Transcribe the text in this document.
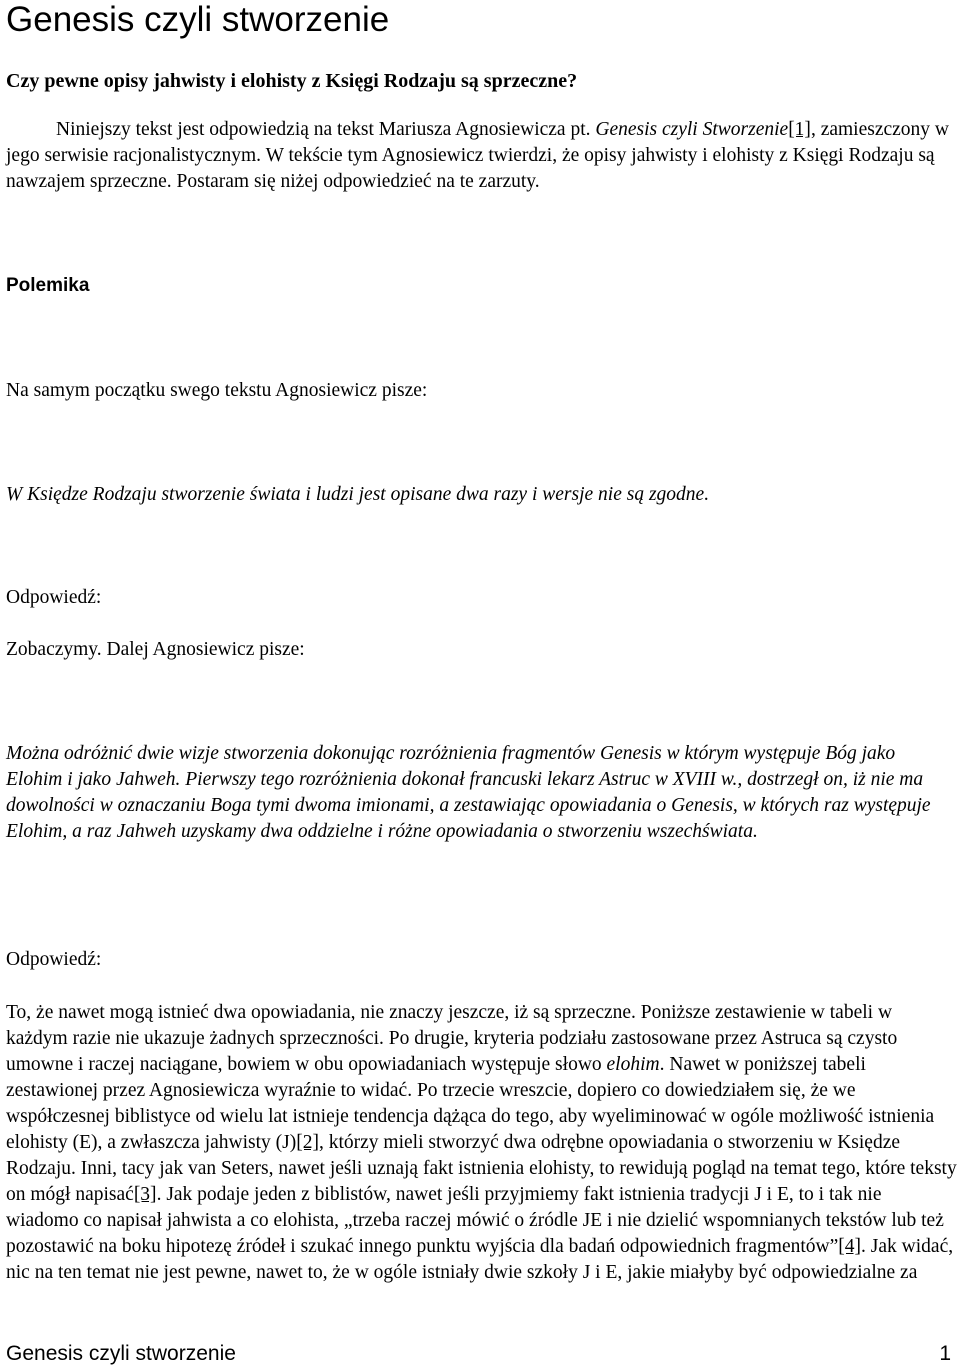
Genesis czyli stworzenie

Czy pewne opisy jahwisty i elohisty z Księgi Rodzaju są sprzeczne?

Niniejszy tekst jest odpowiedzią na tekst Mariusza Agnosiewicza pt. Genesis czyli Stworzenie[1], zamieszczony w jego serwisie racjonalistycznym. W tekście tym Agnosiewicz twierdzi, że opisy jahwisty i elohisty z Księgi Rodzaju są nawzajem sprzeczne. Postaram się niżej odpowiedzieć na te zarzuty.

Polemika

Na samym początku swego tekstu Agnosiewicz pisze:

W Księdze Rodzaju stworzenie świata i ludzi jest opisane dwa razy i wersje nie są zgodne.

Odpowiedź:

Zobaczymy. Dalej Agnosiewicz pisze:

Można odróżnić dwie wizje stworzenia dokonując rozróżnienia fragmentów Genesis w którym występuje Bóg jako Elohim i jako Jahweh. Pierwszy tego rozróżnienia dokonał francuski lekarz Astruc w XVIII w., dostrzegł on, iż nie ma dowolności w oznaczaniu Boga tymi dwoma imionami, a zestawiając opowiadania o Genesis, w których raz występuje Elohim, a raz Jahweh uzyskamy dwa oddzielne i różne opowiadania o stworzeniu wszechświata.

Odpowiedź:

To, że nawet mogą istnieć dwa opowiadania, nie znaczy jeszcze, iż są sprzeczne. Poniższe zestawienie w tabeli w każdym razie nie ukazuje żadnych sprzeczności. Po drugie, kryteria podziału zastosowane przez Astruca są czysto umowne i raczej naciągane, bowiem w obu opowiadaniach występuje słowo elohim. Nawet w poniższej tabeli zestawionej przez Agnosiewicza wyraźnie to widać. Po trzecie wreszcie, dopiero co dowiedziałem się, że we współczesnej biblistyce od wielu lat istnieje tendencja dążąca do tego, aby wyeliminować w ogóle możliwość istnienia elohisty (E), a zwłaszcza jahwisty (J)[2], którzy mieli stworzyć dwa odrębne opowiadania o stworzeniu w Księdze Rodzaju. Inni, tacy jak van Seters, nawet jeśli uznają fakt istnienia elohisty, to rewidują pogląd na temat tego, które teksty on mógł napisać[3]. Jak podaje jeden z biblistów, nawet jeśli przyjmiemy fakt istnienia tradycji J i E, to i tak nie wiadomo co napisał jahwista a co elohista, „trzeba raczej mówić o źródle JE i nie dzielić wspomnianych tekstów lub też pozostawić na boku hipotezę źródeł i szukać innego punktu wyjścia dla badań odpowiednich fragmentów”[4]. Jak widać, nic na ten temat nie jest pewne, nawet to, że w ogóle istniały dwie szkoły J i E, jakie miałyby być odpowiedzialne za

Genesis czyli stworzenie	1
